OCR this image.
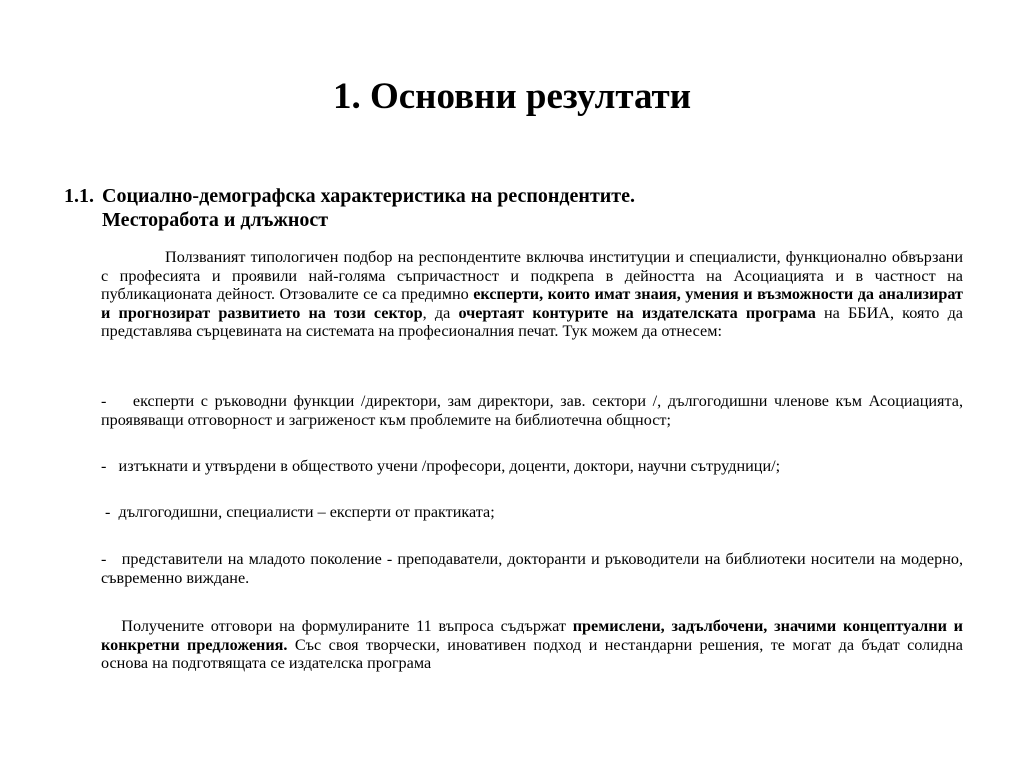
1. Основни резултати
1.1. Социално-демографска характеристика на респондентите.
Месторабота и длъжност
Ползваният типологичен подбор на респондентите включва институции и специалисти, функционално обвързани с професията и проявили най-голяма съпричастност и подкрепа в дейността на Асоциацията и в частност на публикационата дейност. Отзовалите се са предимно експерти, които имат знаия, умения и възможности да анализират и прогнозират развитието на този сектор, да очертаят контурите на издателската програма на ББИА, която да представлява сърцевината на системата на професионалния печат. Тук можем да отнесем:
- експерти с ръководни функции /директори, зам директори, зав. сектори /, дългогодишни членове към Асоциацията, проявяващи отговорност и загриженост към проблемите на библиотечна общност;
- изтъкнати и утвърдени в обществото учени /професори, доценти, доктори, научни сътрудници/;
- дългогодишни, специалисти – експерти от практиката;
- представители на младото поколение - преподаватели, докторанти и ръководители на библиотеки носители на модерно, съвременно виждане.
Получените отговори на формулираните 11 въпроса съдържат премислени, задълбочени, значими концептуални и конкретни предложения. Със своя творчески, иновативен подход и нестандарни решения, те могат да бъдат солидна основа на подготвящата се издателска програма
